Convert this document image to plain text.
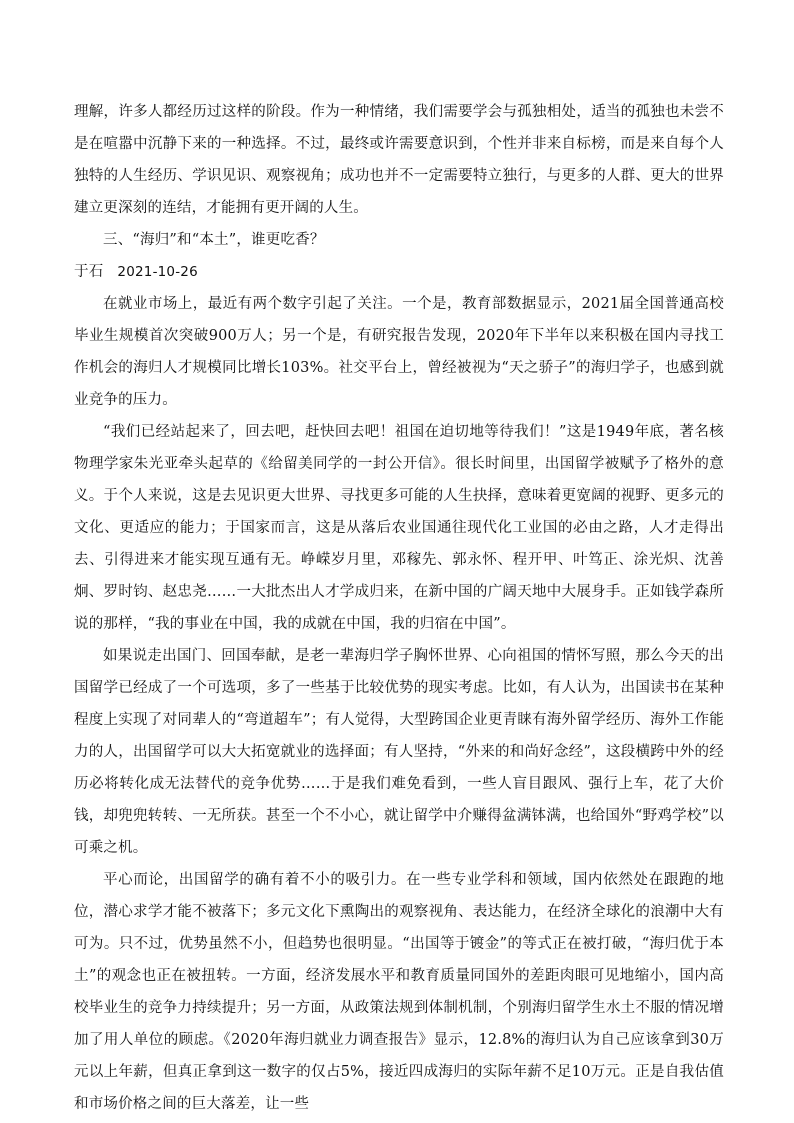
理解，许多人都经历过这样的阶段。作为一种情绪，我们需要学会与孤独相处，适当的孤独也未尝不是在喧嚣中沉静下来的一种选择。不过，最终或许需要意识到，个性并非来自标榜，而是来自每个人独特的人生经历、学识见识、观察视角；成功也并不一定需要特立独行，与更多的人群、更大的世界建立更深刻的连结，才能拥有更开阔的人生。

三、“海归”和“本土”，谁更吃香？

于石 2021-10-26

在就业市场上，最近有两个数字引起了关注。一个是，教育部数据显示，2021届全国普通高校毕业生规模首次突破900万人；另一个是，有研究报告发现，2020年下半年以来积极在国内寻找工作机会的海归人才规模同比增长103%。社交平台上，曾经被视为“天之骄子”的海归学子，也感到就业竞争的压力。

“我们已经站起来了，回去吧，赶快回去吧！祖国在迫切地等待我们！”这是1949年底，著名核物理学家朱光亚牵头起草的《给留美同学的一封公开信》。很长时间里，出国留学被赋予了格外的意义。于个人来说，这是去见识更大世界、寻找更多可能的人生抉择，意味着更宽阔的视野、更多元的文化、更适应的能力；于国家而言，这是从落后农业国通往现代化工业国的必由之路，人才走得出去、引得进来才能实现互通有无。峥嵘岁月里，邓稼先、郭永怀、程开甲、叶笃正、涂光炽、沈善炯、罗时钧、赵忠尧……一大批杰出人才学成归来，在新中国的广阔天地中大展身手。正如钱学森所说的那样，“我的事业在中国，我的成就在中国，我的归宿在中国”。

如果说走出国门、回国奉献，是老一辈海归学子胸怀世界、心向祖国的情怀写照，那么今天的出国留学已经成了一个可选项，多了一些基于比较优势的现实考虑。比如，有人认为，出国读书在某种程度上实现了对同辈人的“弯道超车”；有人觉得，大型跨国企业更青睐有海外留学经历、海外工作能力的人，出国留学可以大大拓宽就业的选择面；有人坚持，“外来的和尚好念经”，这段横跨中外的经历必将转化成无法替代的竞争优势……于是我们难免看到，一些人盲目跟风、强行上车，花了大价钱，却兜兜转转、一无所获。甚至一个不小心，就让留学中介赚得盆满钵满，也给国外“野鸡学校”以可乘之机。

平心而论，出国留学的确有着不小的吸引力。在一些专业学科和领域，国内依然处在跟跑的地位，潜心求学才能不被落下；多元文化下熏陶出的观察视角、表达能力，在经济全球化的浪潮中大有可为。只不过，优势虽然不小，但趋势也很明显。“出国等于镀金”的等式正在被打破，“海归优于本土”的观念也正在被扭转。一方面，经济发展水平和教育质量同国外的差距肉眼可见地缩小，国内高校毕业生的竞争力持续提升；另一方面，从政策法规到体制机制，个别海归留学生水土不服的情况增加了用人单位的顾虑。《2020年海归就业力调查报告》显示，12.8%的海归认为自己应该拿到30万元以上年薪，但真正拿到这一数字的仅占5%，接近四成海归的实际年薪不足10万元。正是自我估值和市场价格之间的巨大落差，让一些
